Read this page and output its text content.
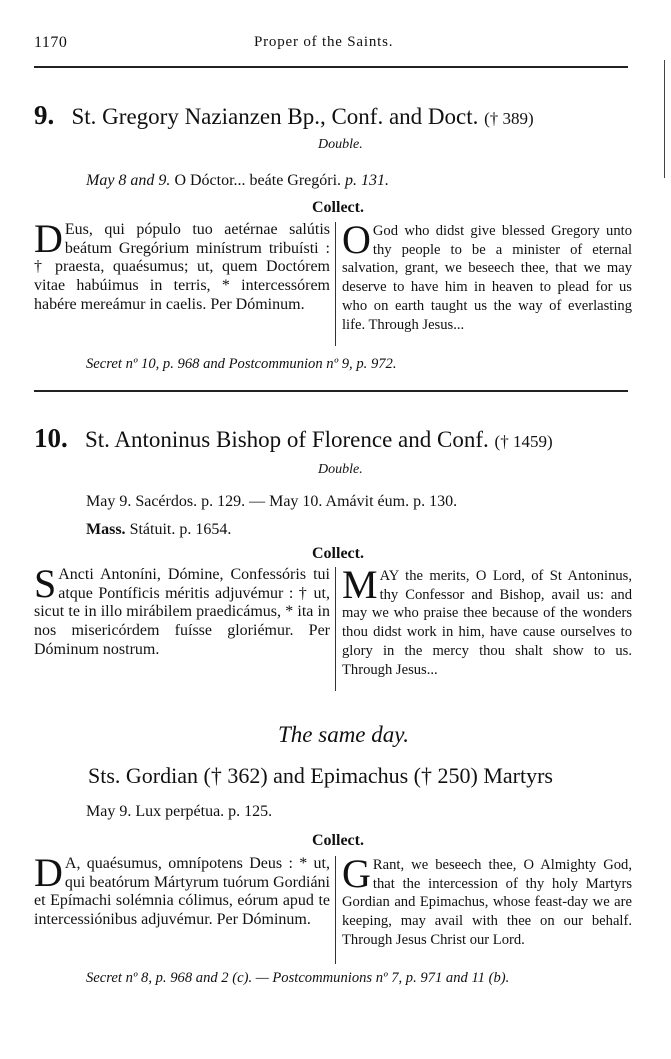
1170	Proper of the Saints.
9. St. Gregory Nazianzen Bp., Conf. and Doct. († 389)
Double.
May 8 and 9. O Dóctor... beáte Gregóri. p. 131.
Collect.
D Eus, qui pópulo tuo aetérnae salútis beátum Gregórium minístrum tribuísti : † praesta, quaésumus; ut, quem Doctórem vitae habúimus in terris, * intercessórem habére mereámur in caelis. Per Dóminum.
O God who didst give blessed Gregory unto thy people to be a minister of eternal salvation, grant, we beseech thee, that we may deserve to have him in heaven to plead for us who on earth taught us the way of everlasting life. Through Jesus...
Secret nº 10, p. 968 and Postcommunion nº 9, p. 972.
10. St. Antoninus Bishop of Florence and Conf. († 1459)
Double.
May 9. Sacérdos. p. 129. — May 10. Amávit éum. p. 130.
Mass. Státuit. p. 1654.
Collect.
S Ancti Antoníni, Dómine, Confessóris tui atque Pontíficis méritis adjuvémur : † ut, sicut te in illo mirábilem praedicámus, * ita in nos misericórdem fuísse gloriémur. Per Dóminum nostrum.
MAY the merits, O Lord, of St Antoninus, thy Confessor and Bishop, avail us: and may we who praise thee because of the wonders thou didst work in him, have cause ourselves to glory in the mercy thou shalt show to us. Through Jesus...
The same day.
Sts. Gordian († 362) and Epimachus († 250) Martyrs
May 9. Lux perpétua. p. 125.
Collect.
D A, quaésumus, omnípotens Deus : * ut, qui beatórum Mártyrum tuórum Gordiáni et Epímachi solémnia cólimus, eórum apud te intercessiónibus adjuvémur. Per Dóminum.
G Rant, we beseech thee, O Almighty God, that the intercession of thy holy Martyrs Gordian and Epimachus, whose feast-day we are keeping, may avail with thee on our behalf. Through Jesus Christ our Lord.
Secret nº 8, p. 968 and 2 (c). — Postcommunions nº 7, p. 971 and 11 (b).
